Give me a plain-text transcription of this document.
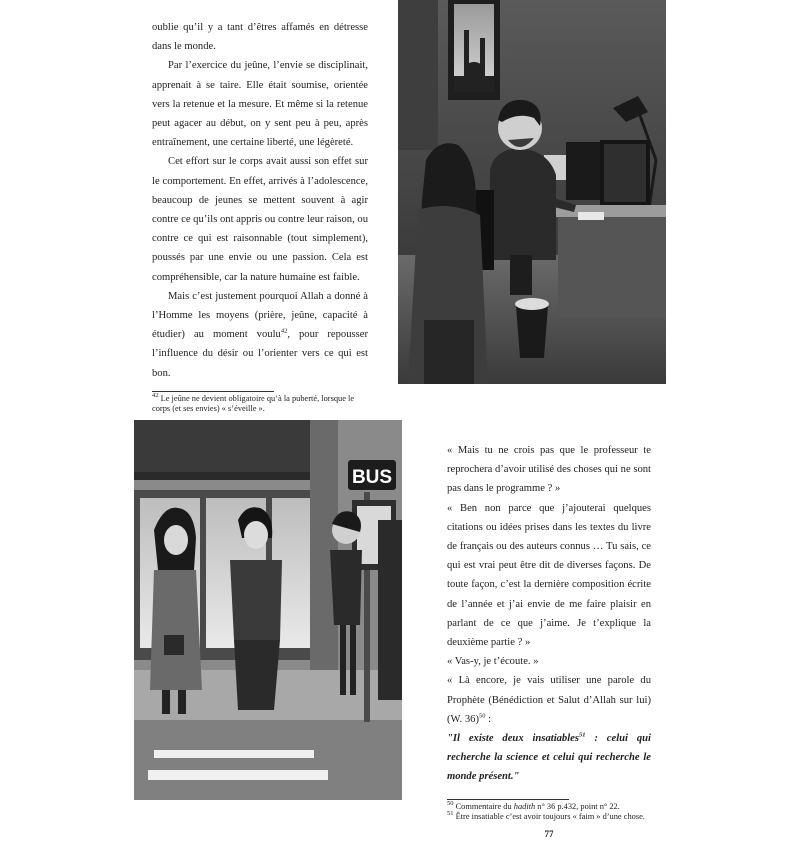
oublie qu’il y a tant d’êtres affamés en détresse dans le monde.

Par l’exercice du jeûne, l’envie se disciplinait, apprenait à se taire. Elle était soumise, orientée vers la retenue et la mesure. Et même si la retenue peut agacer au début, on y sent peu à peu, après entraînement, une certaine liberté, une légèreté.

Cet effort sur le corps avait aussi son effet sur le comportement. En effet, arrivés à l’adolescence, beaucoup de jeunes se mettent souvent à agir contre ce qu’ils ont appris ou contre leur raison, ou contre ce qui est raisonnable (tout simplement), poussés par une envie ou une passion. Cela est compréhensible, car la nature humaine est faible.

Mais c’est justement pourquoi Allah a donné à l’Homme les moyens (prière, jeûne, capacité à étudier) au moment voulu$^{42}$, pour repousser l’influence du désir ou l’orienter vers ce qui est bon.

$^{42}$ Le jeûne ne devient obligatoire qu’à la puberté, lorsque le corps (et ses envies) « s’éveille ».

BUS

« Mais tu ne crois pas que le professeur te reprochera d’avoir utilisé des choses qui ne sont pas dans le programme ? »

« Ben non parce que j’ajouterai quelques citations ou idées prises dans les textes du livre de français ou des auteurs connus … Tu sais, ce qui est vrai peut être dit de diverses façons. De toute façon, c’est la dernière composition écrite de l’année et j’ai envie de me faire plaisir en parlant de ce que j’aime. Je t’explique la deuxième partie ? »

« Vas-y, je t’écoute. »

« Là encore, je vais utiliser une parole du Prophète (Bénédiction et Salut d’Allah sur lui) (W. 36)$^{50}$ :

"Il existe deux insatiables$^{51}$ : celui qui recherche la science et celui qui recherche le monde présent."

$^{50}$ Commentaire du hadith n° 36 p.432, point n° 22.

$^{51}$ Être insatiable c’est avoir toujours « faim » d’une chose.

77
